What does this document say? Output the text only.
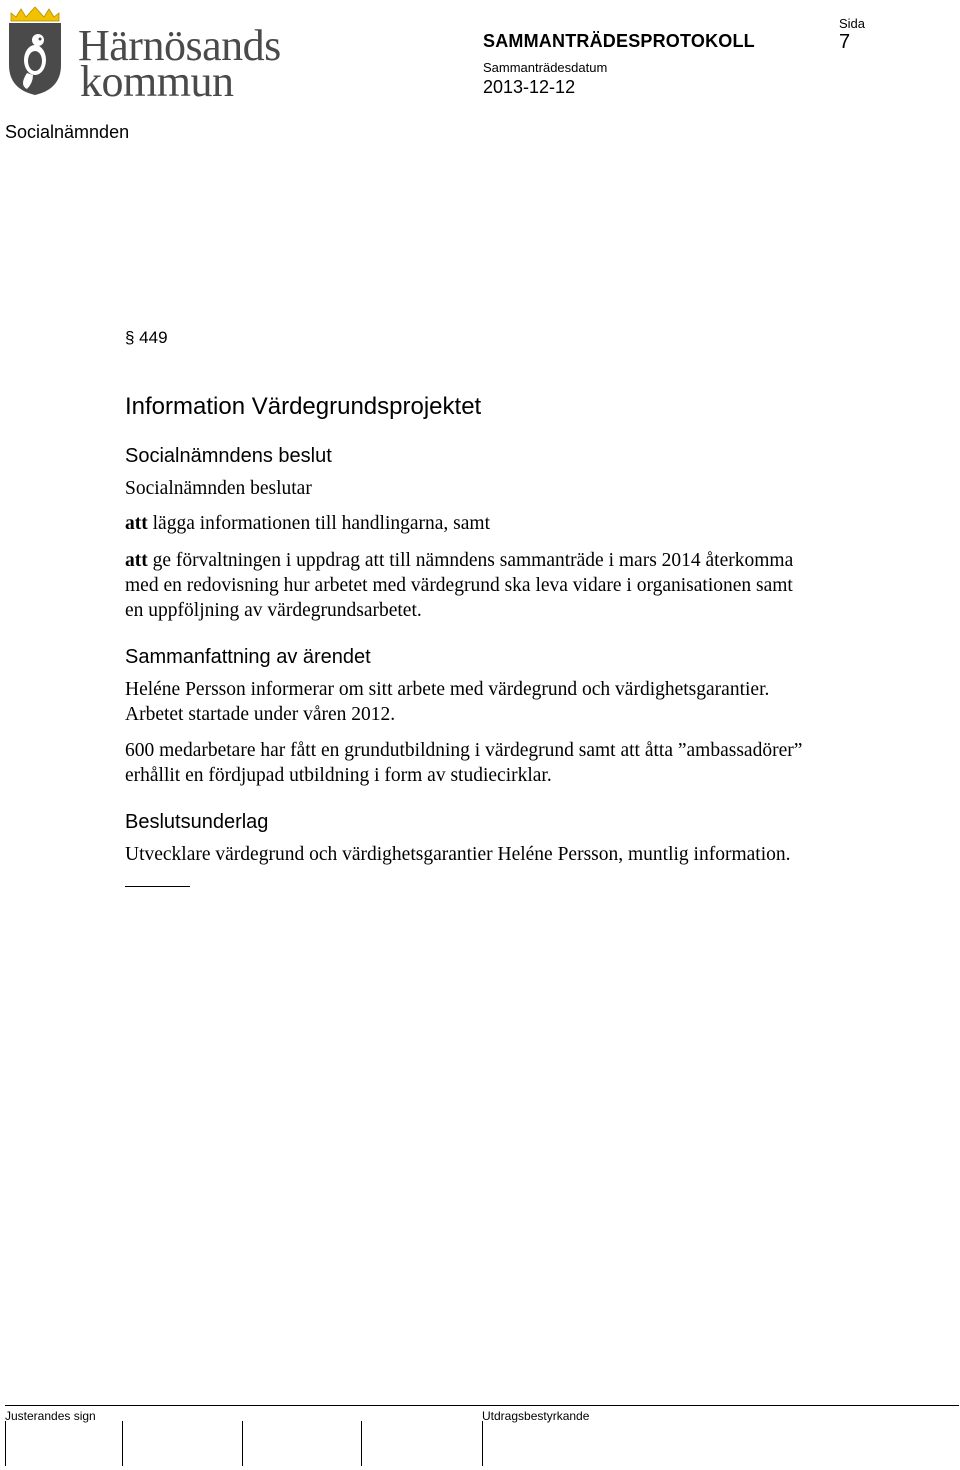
Härnösands
kommun
SAMMANTRÄDESPROTOKOLL
Sida
7
Sammanträdesdatum
2013-12-12
Socialnämnden
§ 449
Information Värdegrundsprojektet
Socialnämndens beslut
Socialnämnden beslutar
att lägga informationen till handlingarna, samt
att ge förvaltningen i uppdrag att till nämndens sammanträde i mars 2014 återkomma
med en redovisning hur arbetet med värdegrund ska leva vidare i organisationen samt
en uppföljning av värdegrundsarbetet.
Sammanfattning av ärendet
Heléne Persson informerar om sitt arbete med värdegrund och värdighetsgarantier.
Arbetet startade under våren 2012.
600 medarbetare har fått en grundutbildning i värdegrund samt att åtta ”ambassadörer”
erhållit en fördjupad utbildning i form av studiecirklar.
Beslutsunderlag
Utvecklare värdegrund och värdighetsgarantier Heléne Persson, muntlig information.
Justerandes sign	Utdragsbestyrkande
